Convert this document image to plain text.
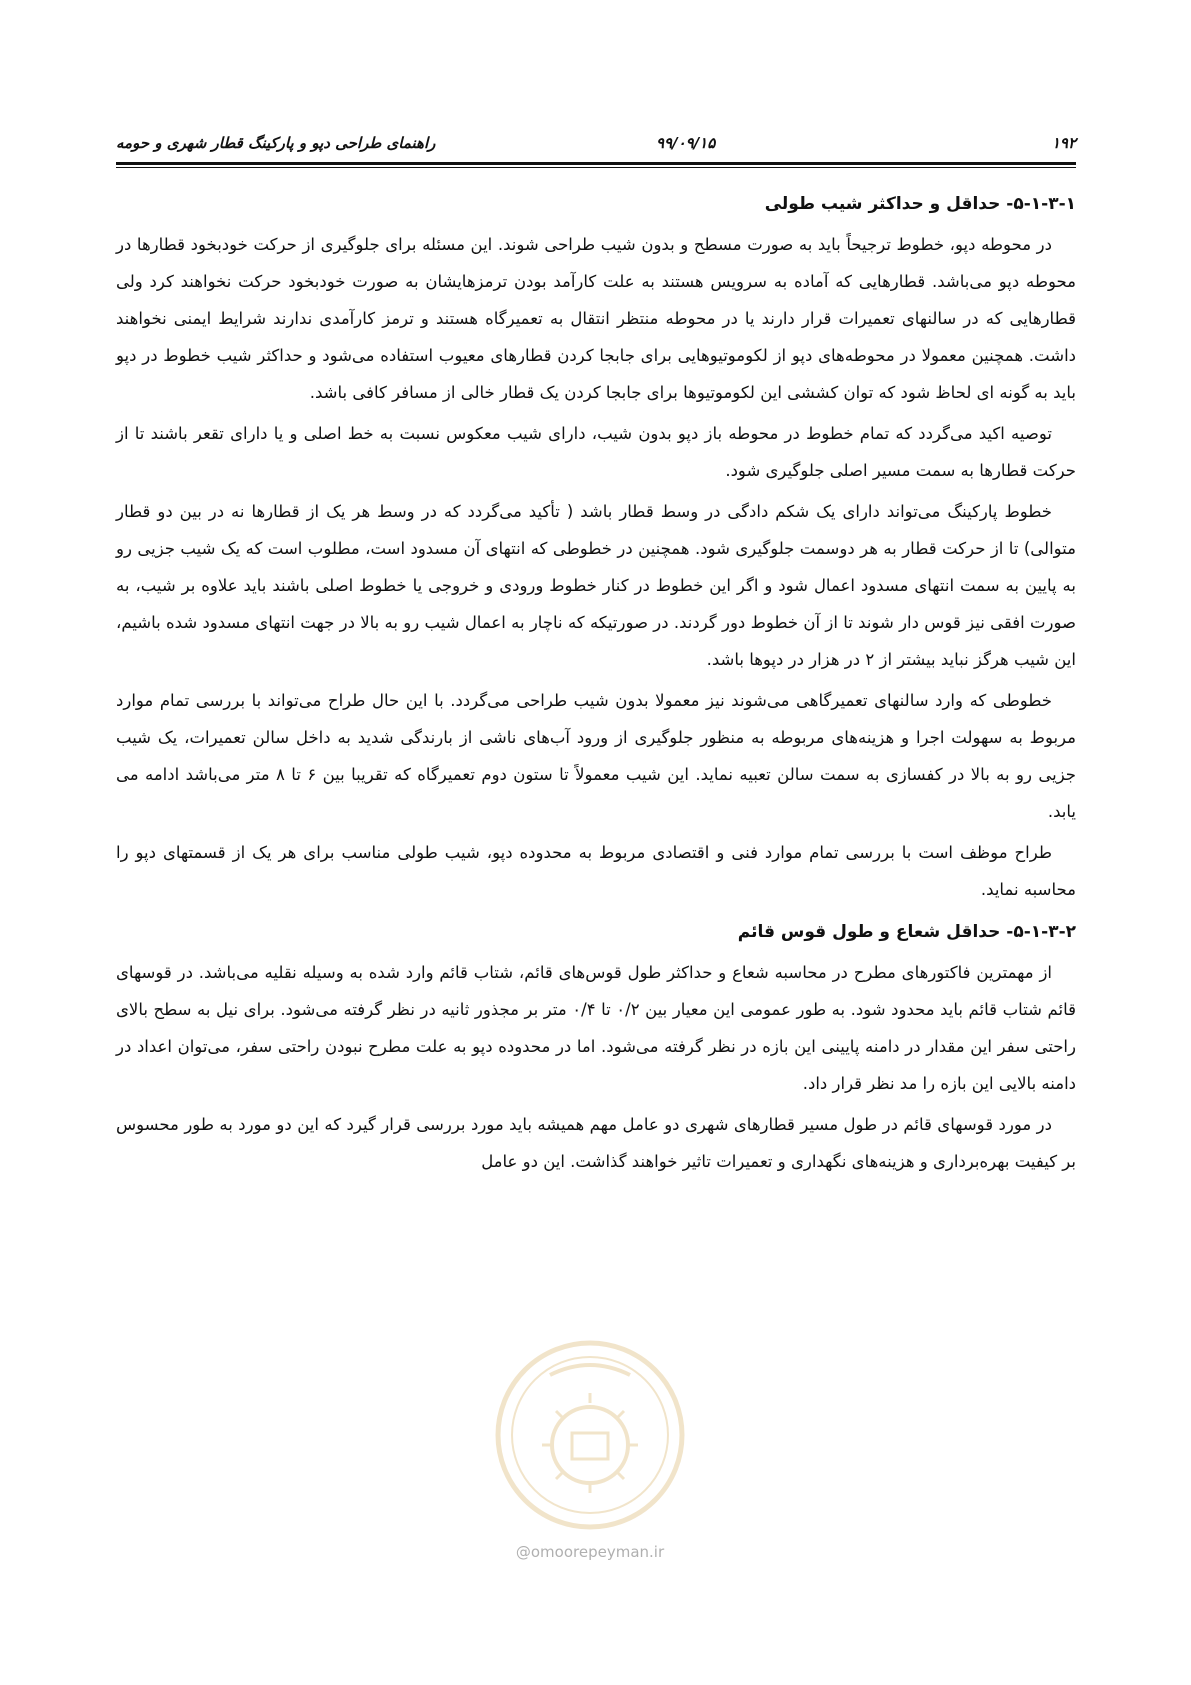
۱۹۲
۹۹/۰۹/۱۵
راهنمای طراحی دپو و پارکینگ قطار شهری و حومه
۵-۱-۳-۱- حداقل و حداکثر شیب طولی

در محوطه دپو، خطوط ترجیحاً باید به صورت مسطح و بدون شیب طراحی شوند. این مسئله برای جلوگیری از حرکت خودبخود قطارها در محوطه دپو می‌باشد. قطارهایی که آماده به سرویس هستند به علت کارآمد بودن ترمزهایشان به صورت خودبخود حرکت نخواهند کرد ولی قطارهایی که در سالنهای تعمیرات قرار دارند یا در محوطه منتظر انتقال به تعمیرگاه هستند و ترمز کارآمدی ندارند شرایط ایمنی نخواهند داشت. همچنین معمولا در محوطه‌های دپو از لکوموتیوهایی برای جابجا کردن قطارهای معیوب استفاده می‌شود و حداکثر شیب خطوط در دپو باید به گونه ای لحاظ شود که توان کششی این لکوموتیوها برای جابجا کردن یک قطار خالی از مسافر کافی باشد.

توصیه اکید می‌گردد که تمام خطوط در محوطه باز دپو بدون شیب، دارای شیب معکوس نسبت به خط اصلی و یا دارای تقعر باشند تا از حرکت قطارها به سمت مسیر اصلی جلوگیری شود.

خطوط پارکینگ می‌تواند دارای یک شکم دادگی در وسط قطار باشد ( تأکید می‌گردد که در وسط هر یک از قطارها نه در بین دو قطار متوالی) تا از حرکت قطار به هر دوسمت جلوگیری شود. همچنین در خطوطی که انتهای آن مسدود است، مطلوب است که یک شیب جزیی رو به پایین به سمت انتهای مسدود اعمال شود و اگر این خطوط در کنار خطوط ورودی و خروجی یا خطوط اصلی باشند باید علاوه بر شیب، به صورت افقی نیز قوس دار شوند تا از آن خطوط دور گردند. در صورتیکه که ناچار به اعمال شیب رو به بالا در جهت انتهای مسدود شده باشیم، این شیب هرگز نباید بیشتر از ۲ در هزار در دپوها باشد.

خطوطی که وارد سالنهای تعمیرگاهی می‌شوند نیز معمولا بدون شیب طراحی می‌گردد. با این حال طراح می‌تواند با بررسی تمام موارد مربوط به سهولت اجرا و هزینه‌های مربوطه به منظور جلوگیری از ورود آب‌های ناشی از بارندگی شدید به داخل سالن تعمیرات، یک شیب جزیی رو به بالا در کفسازی به سمت سالن تعبیه نماید. این شیب معمولاً تا ستون دوم تعمیرگاه که تقریبا بین ۶ تا ۸ متر می‌باشد ادامه می یابد.

طراح موظف است با بررسی تمام موارد فنی و اقتصادی مربوط به محدوده دپو، شیب طولی مناسب برای هر یک از قسمتهای دپو را محاسبه نماید.

۵-۱-۳-۲- حداقل شعاع و طول قوس قائم

از مهمترین فاکتورهای مطرح در محاسبه شعاع و حداکثر طول قوس‌های قائم، شتاب قائم وارد شده به وسیله نقلیه می‌باشد. در قوسهای قائم شتاب قائم باید محدود شود. به طور عمومی این معیار بین ۰/۲ تا ۰/۴ متر بر مجذور ثانیه در نظر گرفته می‌شود. برای نیل به سطح بالای راحتی سفر این مقدار در دامنه پایینی این بازه در نظر گرفته می‌شود. اما در محدوده دپو به علت مطرح نبودن راحتی سفر، می‌توان اعداد در دامنه بالایی این بازه را مد نظر قرار داد.

در مورد قوسهای قائم در طول مسیر قطارهای شهری دو عامل مهم همیشه باید مورد بررسی قرار گیرد که این دو مورد به طور محسوس بر کیفیت بهره‌برداری و هزینه‌های نگهداری و تعمیرات تاثیر خواهند گذاشت. این دو عامل

@omoorepeyman.ir
